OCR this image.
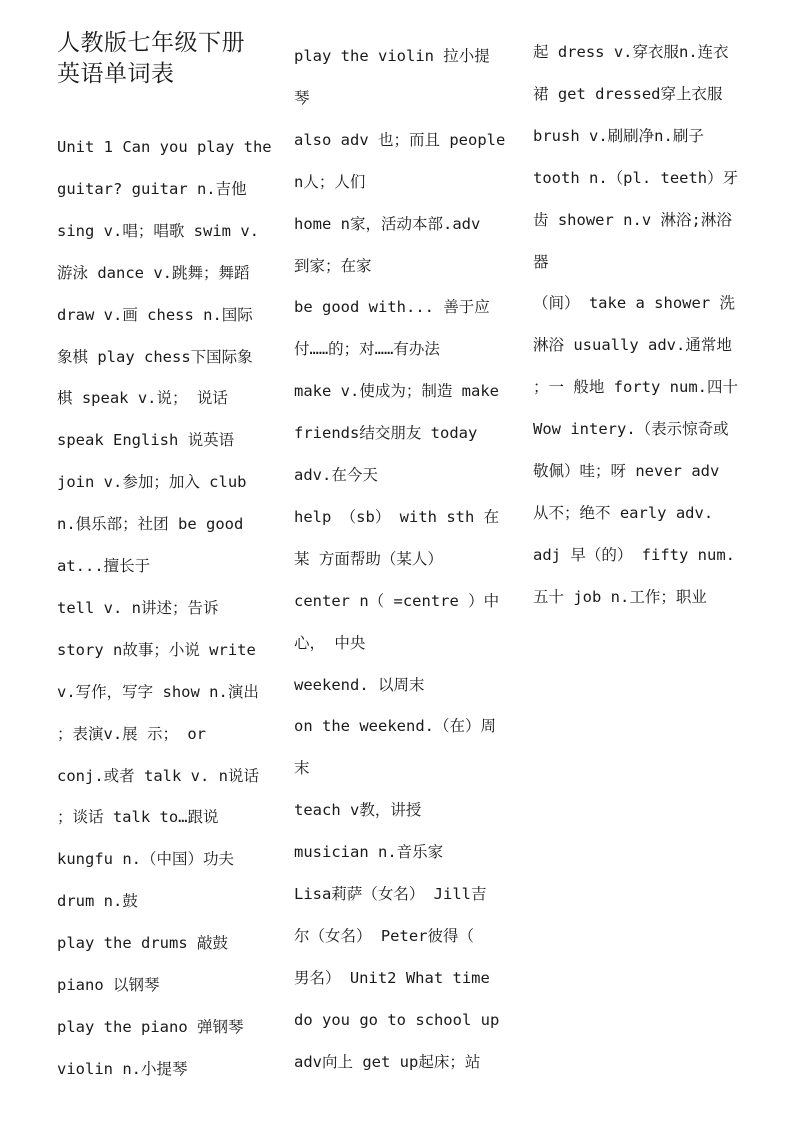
人教版七年级下册
英语单词表
Unit 1 Can you play the
guitar? guitar n.吉他
sing v.唱；唱歌 swim v.
游泳 dance v.跳舞；舞蹈
draw v.画 chess n.国际
象棋 play chess下国际象
棋 speak v.说； 说话
speak English 说英语
join v.参加；加入 club
n.俱乐部；社团 be good
at...擅长于
tell v. n讲述；告诉
story n故事；小说 write
v.写作，写字 show n.演出
；表演v.展 示； or
conj.或者 talk v. n说话
；谈话 talk to…跟说
kungfu n.（中国）功夫
drum n.鼓
play the drums 敲鼓
piano 以钢琴
play the piano 弹钢琴
violin n.小提琴
play the violin 拉小提
琴
also adv 也；而且 people
n人；人们
home n家，活动本部.adv
到家；在家
be good with... 善于应
付……的；对……有办法
make v.使成为；制造 make
friends结交朋友 today
adv.在今天
help （sb） with sth 在
某 方面帮助（某人）
center n（ =centre ）中
心， 中央
weekend. 以周末
on the weekend.（在）周
末
teach v教，讲授
musician n.音乐家
Lisa莉萨（女名） Jill吉
尔（女名） Peter彼得（
男名） Unit2 What time
do you go to school up
adv向上 get up起床；站
起 dress v.穿衣服n.连衣
裙 get dressed穿上衣服
brush v.刷刷净n.刷子
tooth n.（pl. teeth）牙
齿 shower n.v 淋浴;淋浴
器
（间） take a shower 洗
淋浴 usually adv.通常地
；一 般地 forty num.四十
Wow intery.（表示惊奇或
敬佩）哇；呀 never adv
从不；绝不 early adv.
adj 早（的） fifty num.
五十 job n.工作；职业
